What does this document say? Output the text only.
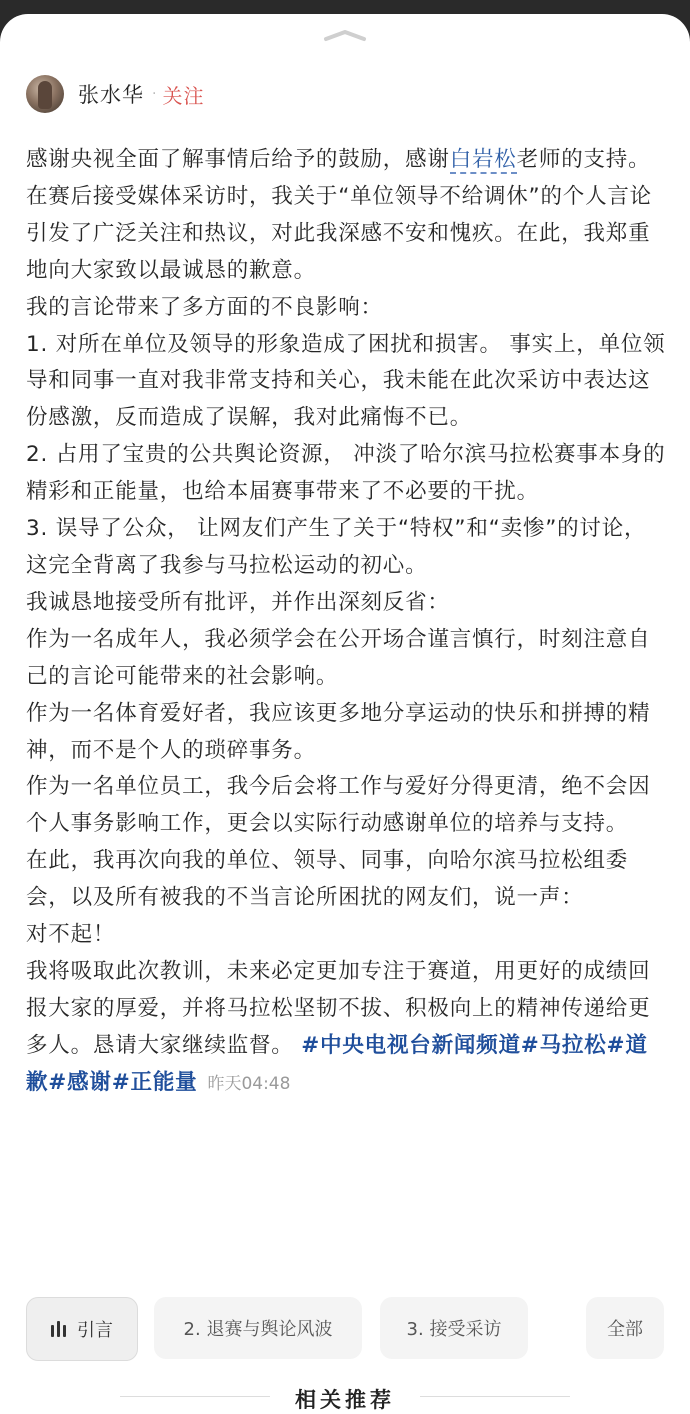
张水华 · 关注

感谢央视全面了解事情后给予的鼓励，感谢白岩松老师的支持。在赛后接受媒体采访时，我关于“单位领导不给调休”的个人言论引发了广泛关注和热议，对此我深感不安和愧疚。在此，我郑重地向大家致以最诚恳的歉意。

我的言论带来了多方面的不良影响：

1. 对所在单位及领导的形象造成了困扰和损害。 事实上，单位领导和同事一直对我非常支持和关心，我未能在此次采访中表达这份感激，反而造成了误解，我对此痛悔不已。

2. 占用了宝贵的公共舆论资源， 冲淡了哈尔滨马拉松赛事本身的精彩和正能量，也给本届赛事带来了不必要的干扰。

3. 误导了公众， 让网友们产生了关于“特权”和“卖惨”的讨论，这完全背离了我参与马拉松运动的初心。

我诚恳地接受所有批评，并作出深刻反省：

作为一名成年人，我必须学会在公开场合谨言慎行，时刻注意自己的言论可能带来的社会影响。

作为一名体育爱好者，我应该更多地分享运动的快乐和拼搏的精神，而不是个人的琐碎事务。

作为一名单位员工，我今后会将工作与爱好分得更清，绝不会因个人事务影响工作，更会以实际行动感谢单位的培养与支持。

在此，我再次向我的单位、领导、同事，向哈尔滨马拉松组委会，以及所有被我的不当言论所困扰的网友们，说一声：

对不起！

我将吸取此次教训，未来必定更加专注于赛道，用更好的成绩回报大家的厚爱，并将马拉松坚韧不拔、积极向上的精神传递给更多人。恳请大家继续监督。 #中央电视台新闻频道#马拉松#道歉#感谢#正能量 昨天04:48

引言	2. 退赛与舆论风波	3. 接受采访	全部
相关推荐
